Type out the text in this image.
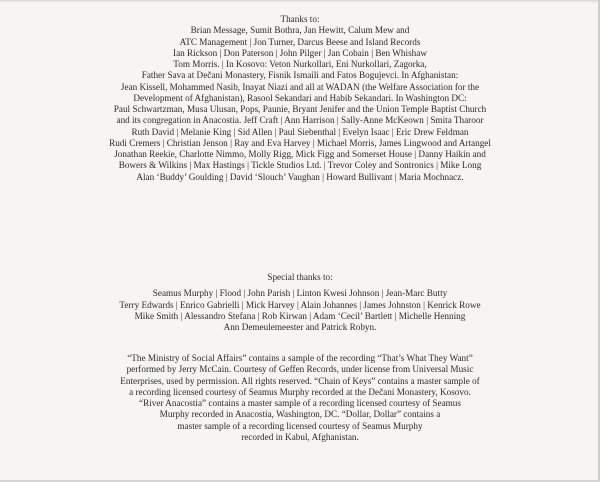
Thanks to:
Brian Message, Sumit Bothra, Jan Hewitt, Calum Mew and
ATC Management | Jon Turner, Darcus Beese and Island Records
Ian Rickson | Don Paterson | John Pilger | Jan Cobain | Ben Whishaw
Tom Morris. | In Kosovo: Veton Nurkollari, Eni Nurkollari, Zagorka,
Father Sava at Dečani Monastery, Fisnik Ismaili and Fatos Bogujevci. In Afghanistan:
Jean Kissell, Mohammed Nasib, Inayat Niazi and all at WADAN (the Welfare Association for the
Development of Afghanistan), Rasool Sekandari and Habib Sekandari. In Washington DC:
Paul Schwartzman, Musa Ulusan, Pops, Paunie, Bryant Jenifer and the Union Temple Baptist Church
and its congregation in Anacostia. Jeff Craft | Ann Harrison | Sally-Anne McKeown | Smita Tharoor
Ruth David | Melanie King | Sid Allen | Paul Siebenthal | Evelyn Isaac | Eric Drew Feldman
Rudi Cremers | Christian Jenson | Ray and Eva Harvey | Michael Morris, James Lingwood and Artangel
Jonathan Reekie, Charlotte Nimmo, Molly Rigg, Mick Figg and Somerset House | Danny Haikin and
Bowers & Wilkins | Max Hastings | Tickle Studios Ltd. | Trevor Coley and Sontronics | Mike Long
Alan ‘Buddy’ Goulding | David ‘Slouch’ Vaughan | Howard Bullivant | Maria Mochnacz.
Special thanks to:
Seamus Murphy | Flood | John Parish | Linton Kwesi Johnson | Jean-Marc Butty
Terry Edwards | Enrico Gabrielli | Mick Harvey | Alain Johannes | James Johnston | Kenrick Rowe
Mike Smith | Alessandro Stefana | Rob Kirwan | Adam ‘Cecil’ Bartlett | Michelle Henning
Ann Demeulemeester and Patrick Robyn.
“The Ministry of Social Affairs” contains a sample of the recording “That’s What They Want”
performed by Jerry McCain. Courtesy of Geffen Records, under license from Universal Music
Enterprises, used by permission. All rights reserved. “Chain of Keys” contains a master sample of
a recording licensed courtesy of Seamus Murphy recorded at the Dečani Monastery, Kosovo.
“River Anacostia” contains a master sample of a recording licensed courtesy of Seamus
Murphy recorded in Anacostia, Washington, DC. “Dollar, Dollar” contains a
master sample of a recording licensed courtesy of Seamus Murphy
recorded in Kabul, Afghanistan.
